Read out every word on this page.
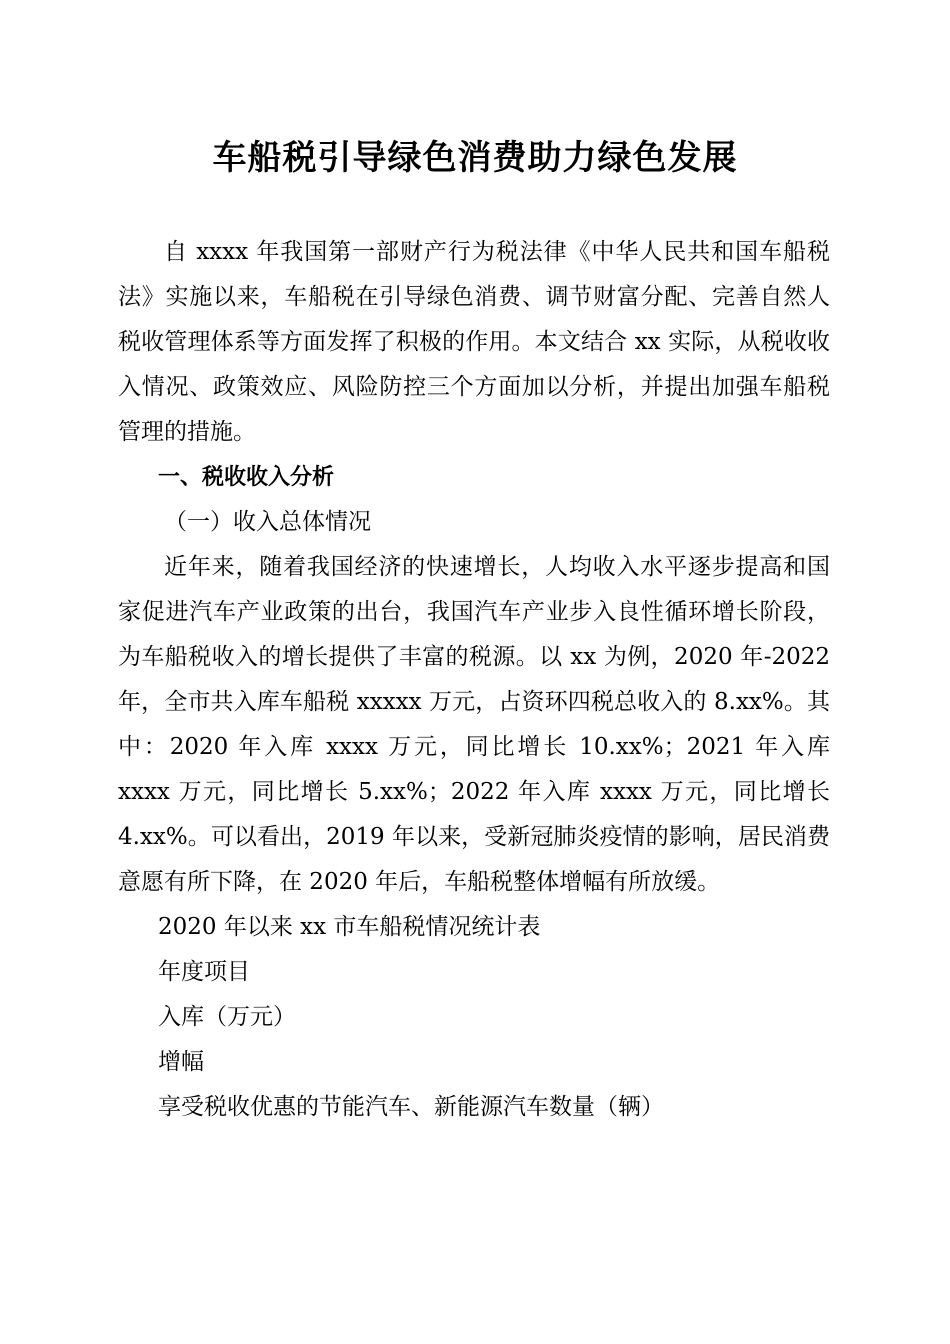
车船税引导绿色消费助力绿色发展

自 xxxx 年我国第一部财产行为税法律《中华人民共和国车船税法》实施以来，车船税在引导绿色消费、调节财富分配、完善自然人税收管理体系等方面发挥了积极的作用。本文结合 xx 实际，从税收收入情况、政策效应、风险防控三个方面加以分析，并提出加强车船税管理的措施。

一、税收收入分析

（一）收入总体情况

近年来，随着我国经济的快速增长，人均收入水平逐步提高和国家促进汽车产业政策的出台，我国汽车产业步入良性循环增长阶段，为车船税收入的增长提供了丰富的税源。以 xx 为例，2020 年-2022 年，全市共入库车船税 xxxxx 万元，占资环四税总收入的 8.xx%。其中：2020 年入库 xxxx 万元，同比增长 10.xx%；2021 年入库 xxxx 万元，同比增长 5.xx%；2022 年入库 xxxx 万元，同比增长 4.xx%。可以看出，2019 年以来，受新冠肺炎疫情的影响，居民消费意愿有所下降，在 2020 年后，车船税整体增幅有所放缓。

2020 年以来 xx 市车船税情况统计表

年度项目

入库（万元）

增幅

享受税收优惠的节能汽车、新能源汽车数量（辆）
